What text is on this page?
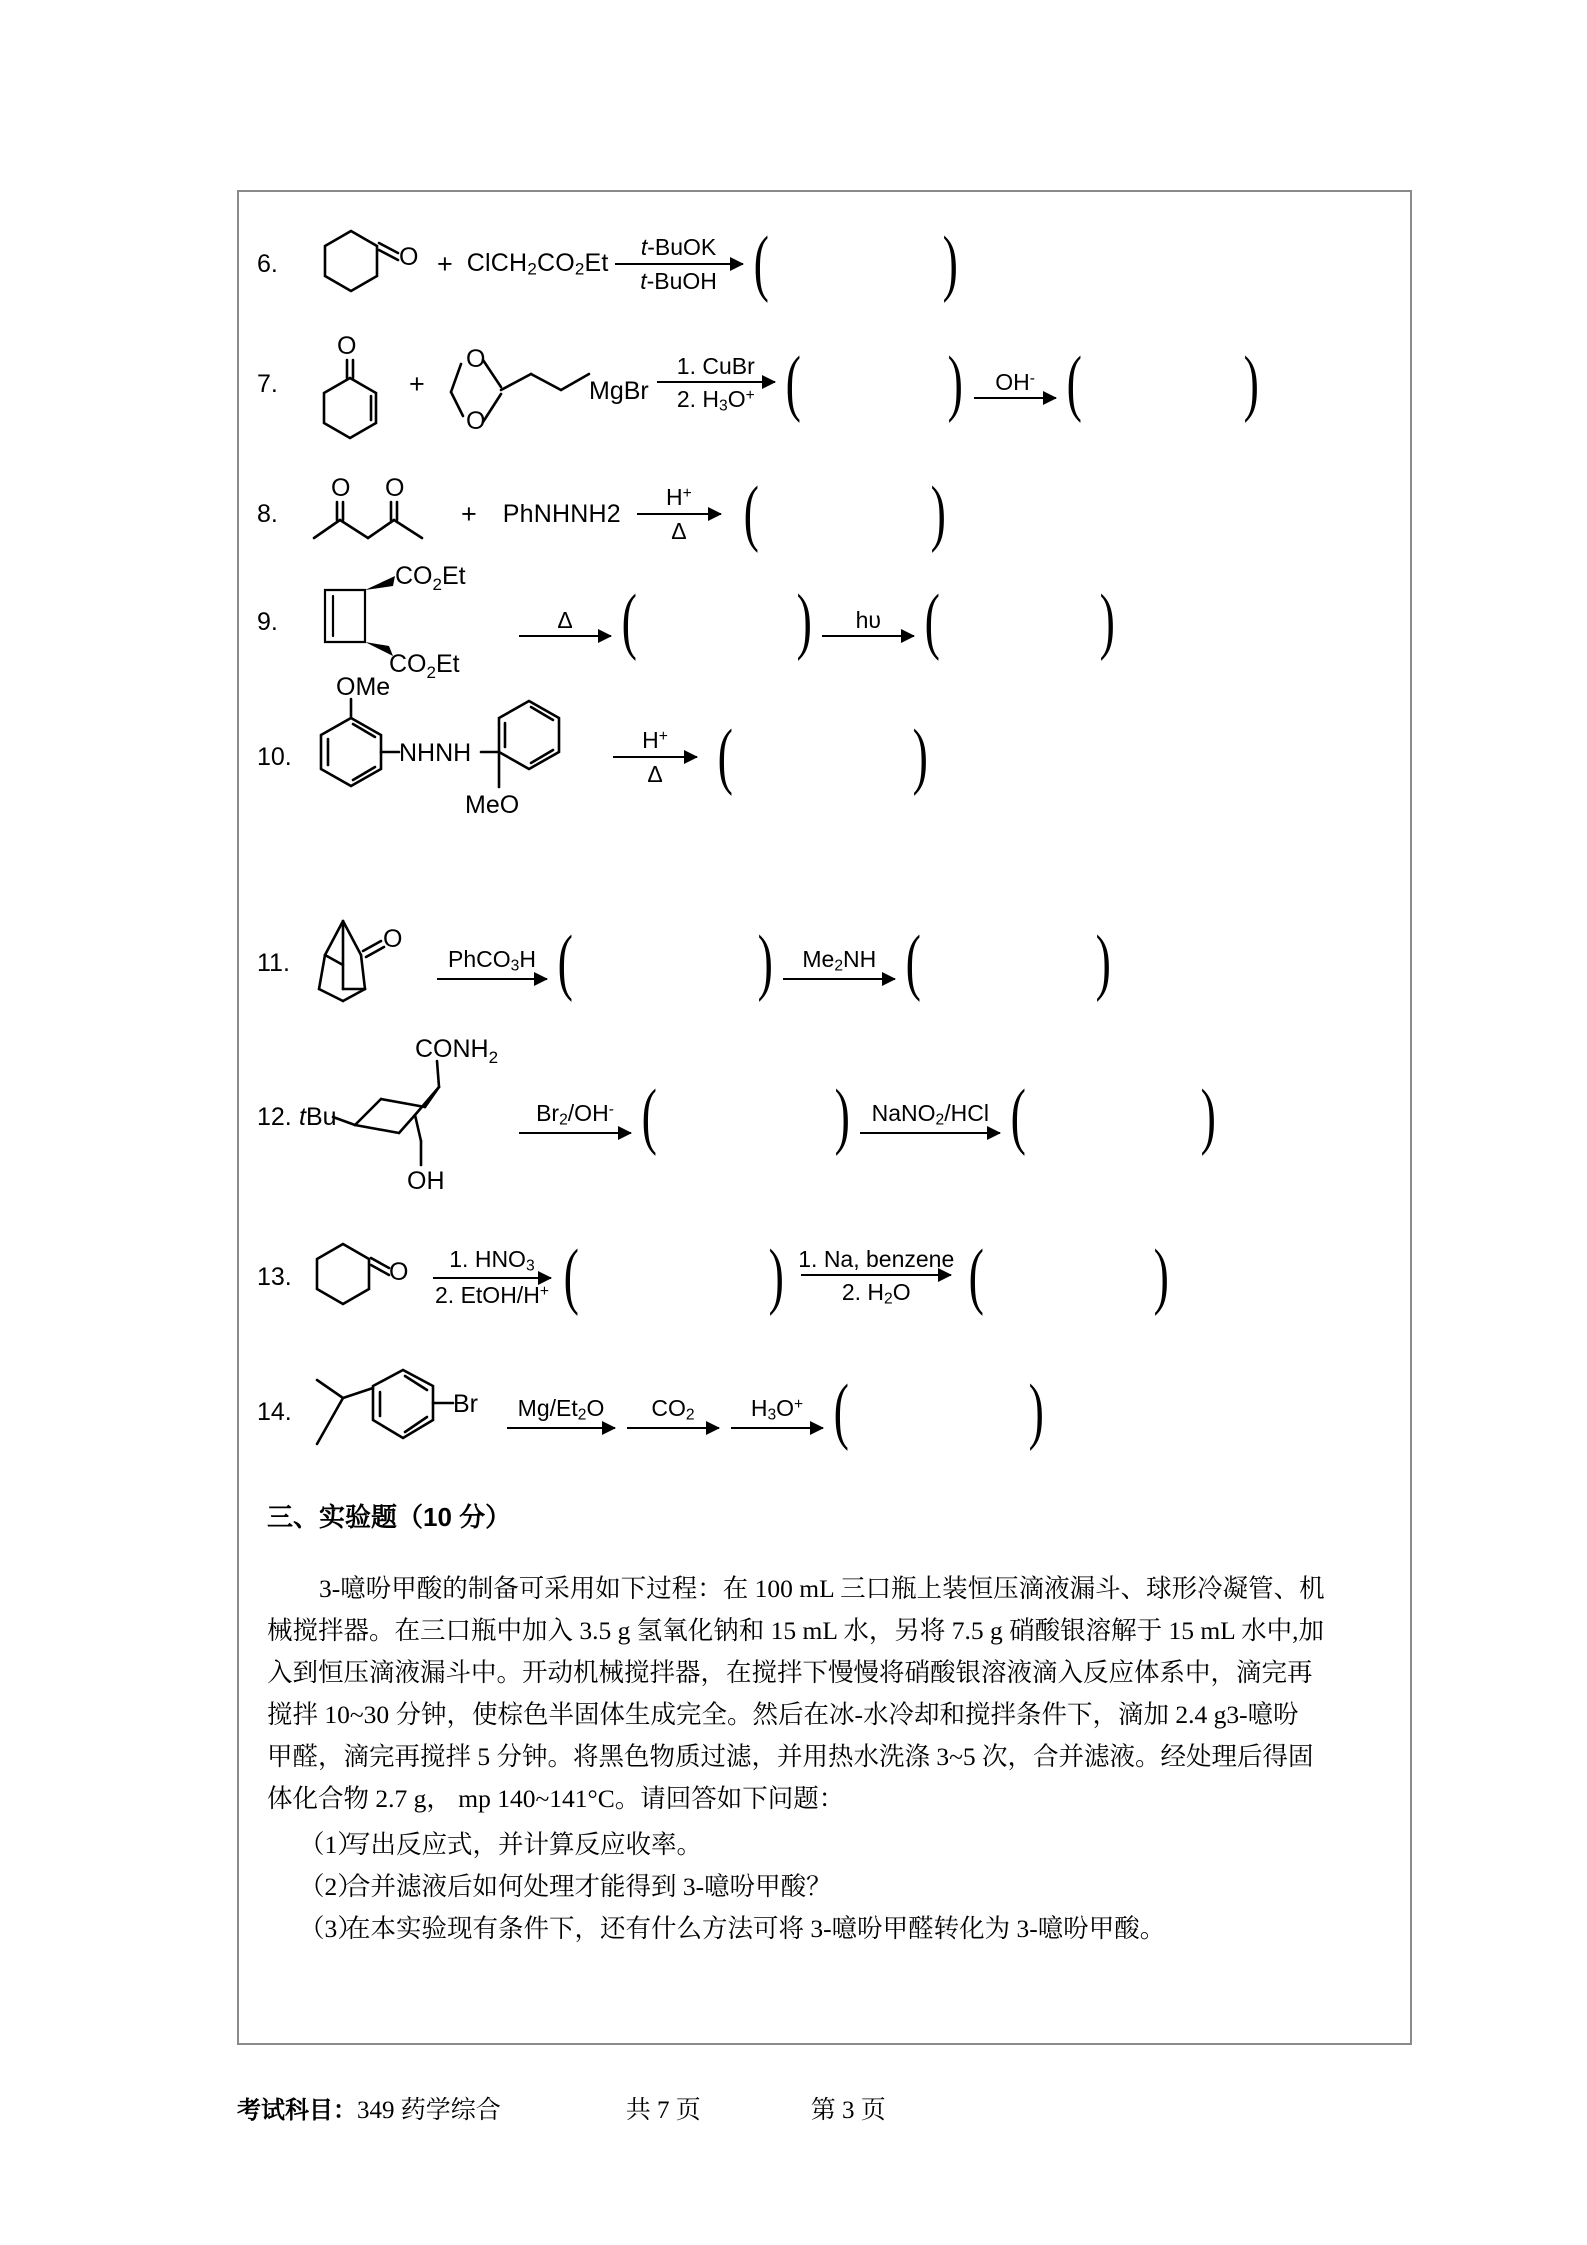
6.	$O + ClCH_2CO_2Et$
t-BuOK
t-BuOH ( )
7.
O
+
O
O
MgBr
1. CuBr
2. $H_3O^+$ ( ) OH- ( )
8.
O O
+	PhNHNH2
H+
Δ ( )
9.
$CO_2Et$
$CO_2Et$
Δ ( ) hυ ( )
10.
OMe
NHNH
MeO
H+
Δ ( )
11.
O
PhCO$_3$H ( ) $Me_2NH$ ( )
12. tBu
$CONH_2$
OH
$Br_2/OH^-$ ( ) NaNO$_2$/HCl ( )
13.	O 1. $HNO_3$
2. EtOH/H+ (	) 1. Na, benzene
2. $H_2O$ ( )
14.	Br $Mg/Et_2O$ $CO_2$ $H_3O^+$ ( )
三、实验题（10 分）
3-噫吩甲酸的制备可采用如下过程：在 100 mL 三口瓶上装恒压滴液漏斗、球形冷凝管、机
械搅拌器。在三口瓶中加入 3.5 g 氢氧化钠和 15 mL 水，另将 7.5 g 硝酸银溶解于 15 mL 水中,加
入到恒压滴液漏斗中。开动机械搅拌器，在搅拌下慢慢将硝酸银溶液滴入反应体系中，滴完再
搅拌 10~30 分钟，使棕色半固体生成完全。然后在冰-水冷却和搅拌条件下，滴加 2.4 g3-噫吩
甲醛，滴完再搅拌 5 分钟。将黑色物质过滤，并用热水洗涤 3~5 次，合并滤液。经处理后得固
体化合物 2.7 g， mp 140~141°C。请回答如下问题：
（1）写出反应式，并计算反应收率。
（2）合并滤液后如何处理才能得到 3-噫吩甲酸？
（3）在本实验现有条件下，还有什么方法可将 3-噫吩甲醛转化为 3-噫吩甲酸。
考试科目： 349 药学综合	共 7 页	第 3 页
